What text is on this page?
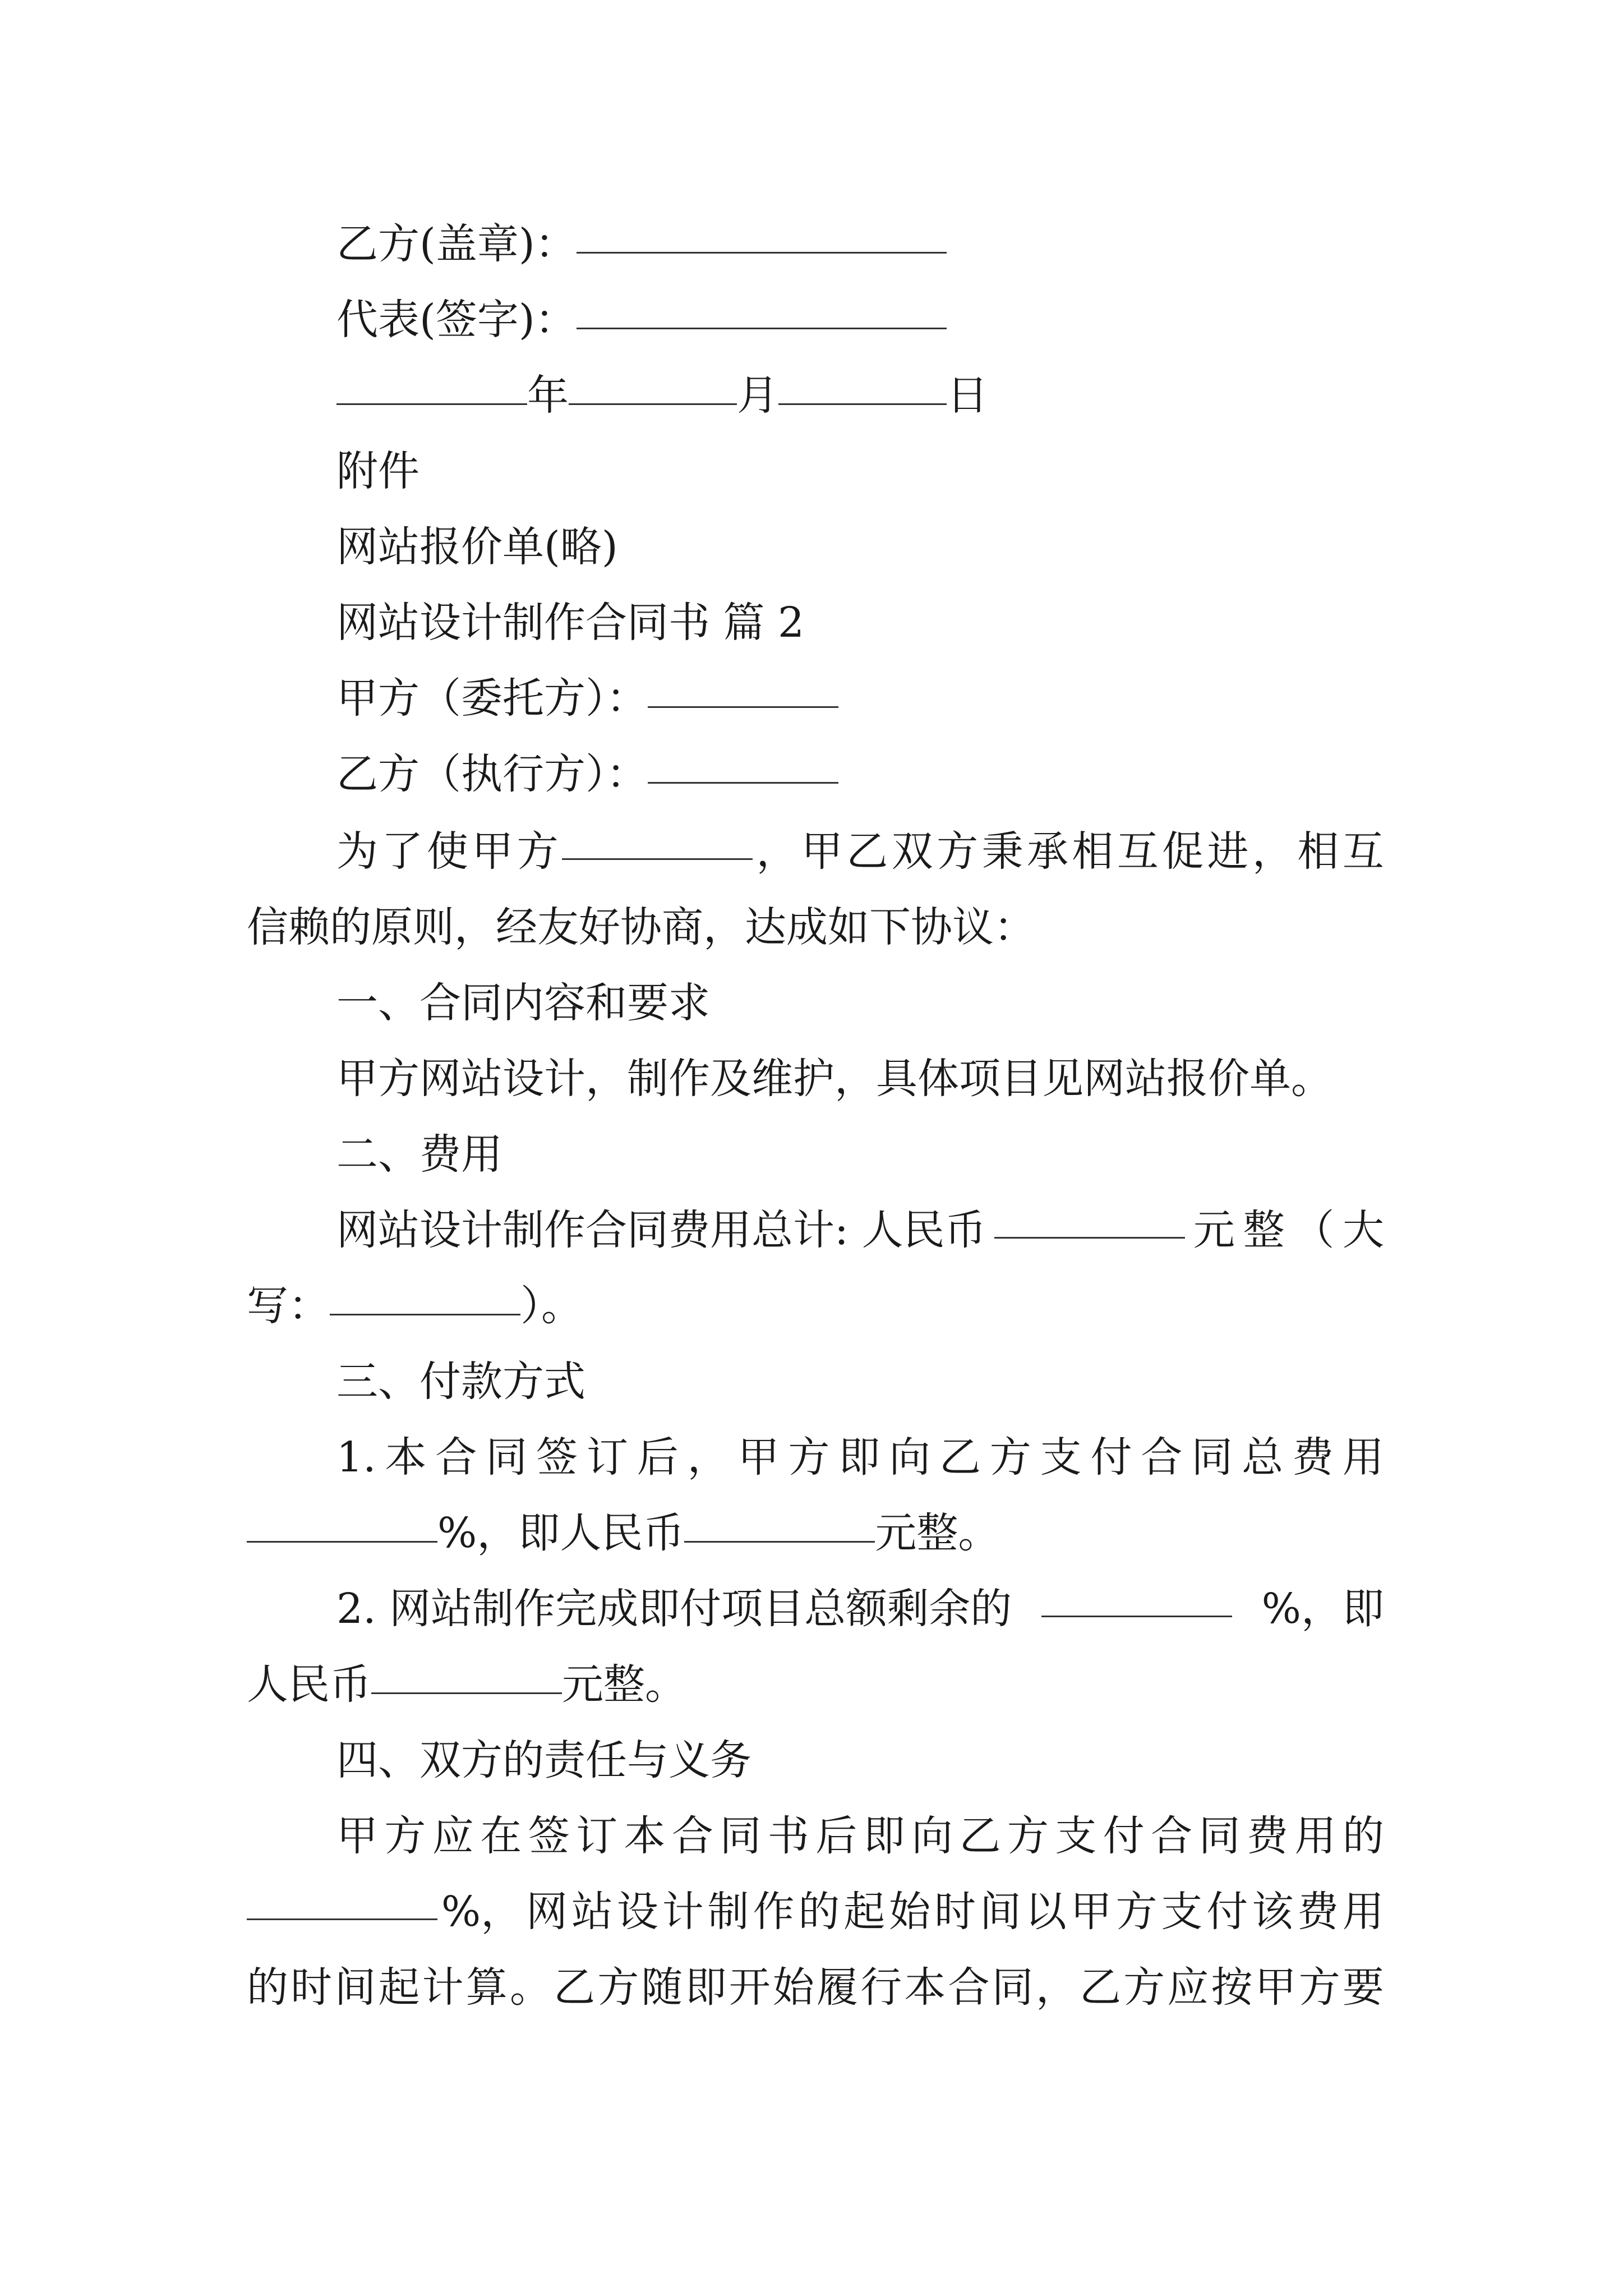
乙方(盖章)：
代表(签字)：
年	月	日
附件
网站报价单(略)
网站设计制作合同书 篇 2
甲方（委托方）：
乙方（执行方）：
为 了 使 甲 方	， 甲 乙 双 方 秉 承 相 互 促 进 ， 相 互
信赖的原则，经友好协商，达成如下协议：
一、合同内容和要求
甲方网站设计，制作及维护，具体项目见网站报价单。
二、费用
网站设计制作合同费用总计: 人民币	元 整 （ 大
写：	）。
三、付款方式
1. 本 合 同 签 订 后 ， 甲 方 即 向 乙 方 支 付 合 同 总 费 用
%，即人民币	元整。
2. 网站制作完成即付项目总额剩余的	%，即
人民币	元整。
四、双方的责任与义务
甲 方 应 在 签 订 本 合 同 书 后 即 向 乙 方 支 付 合 同 费 用 的
%， 网 站 设 计 制 作 的 起 始 时 间 以 甲 方 支 付 该 费 用
的 时 间 起 计 算 。 乙 方 随 即 开 始 履 行 本 合 同 ， 乙 方 应 按 甲 方 要
